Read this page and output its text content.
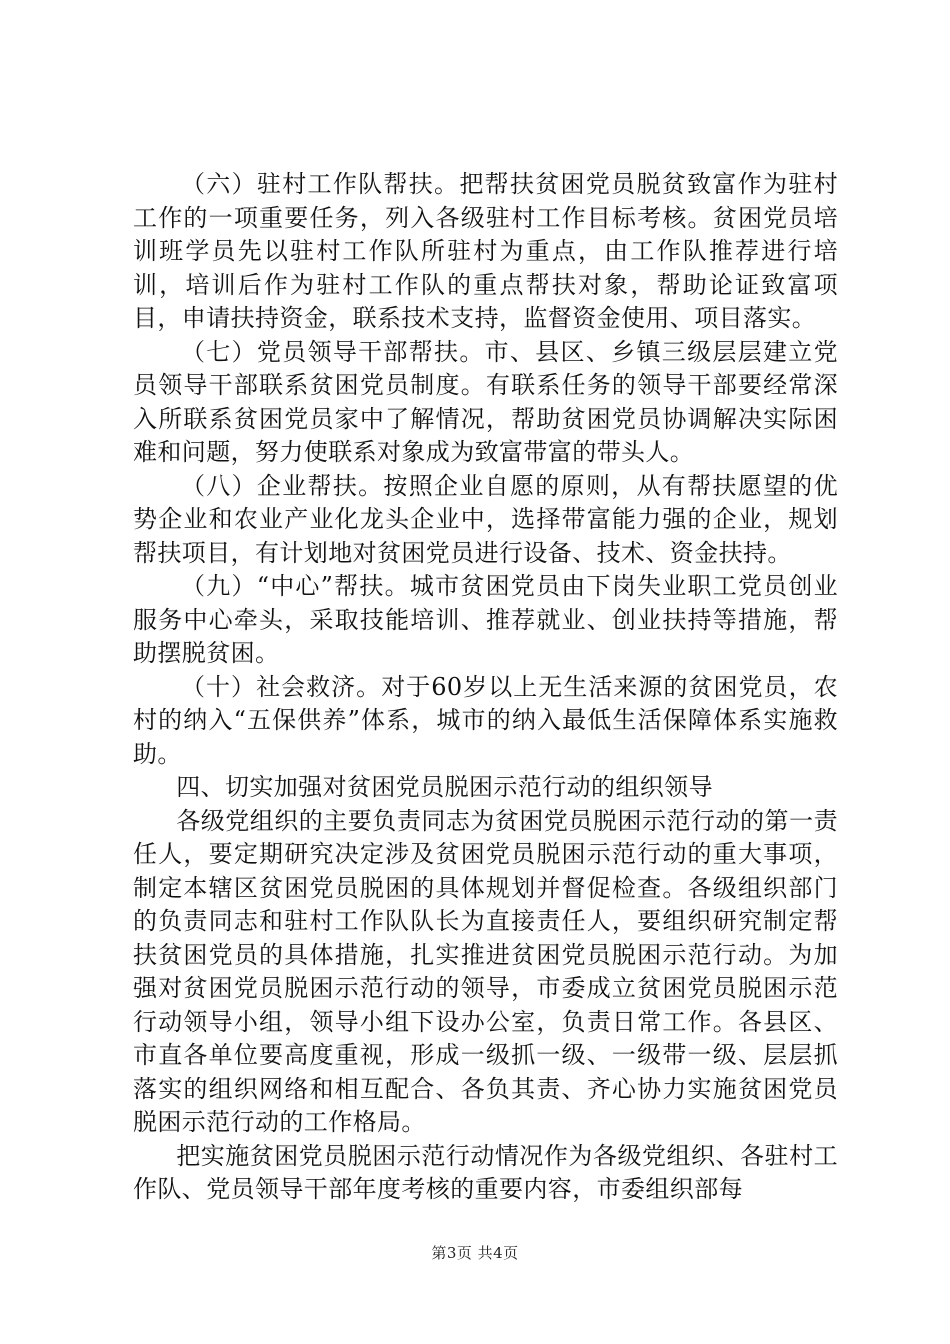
（六）驻村工作队帮扶。把帮扶贫困党员脱贫致富作为驻村工作的一项重要任务，列入各级驻村工作目标考核。贫困党员培训班学员先以驻村工作队所驻村为重点，由工作队推荐进行培训，培训后作为驻村工作队的重点帮扶对象，帮助论证致富项目，申请扶持资金，联系技术支持，监督资金使用、项目落实。

（七）党员领导干部帮扶。市、县区、乡镇三级层层建立党员领导干部联系贫困党员制度。有联系任务的领导干部要经常深入所联系贫困党员家中了解情况，帮助贫困党员协调解决实际困难和问题，努力使联系对象成为致富带富的带头人。

（八）企业帮扶。按照企业自愿的原则，从有帮扶愿望的优势企业和农业产业化龙头企业中，选择带富能力强的企业，规划帮扶项目，有计划地对贫困党员进行设备、技术、资金扶持。

（九）“中心”帮扶。城市贫困党员由下岗失业职工党员创业服务中心牵头，采取技能培训、推荐就业、创业扶持等措施，帮助摆脱贫困。

（十）社会救济。对于60岁以上无生活来源的贫困党员，农村的纳入“五保供养”体系，城市的纳入最低生活保障体系实施救助。

四、切实加强对贫困党员脱困示范行动的组织领导

各级党组织的主要负责同志为贫困党员脱困示范行动的第一责任人，要定期研究决定涉及贫困党员脱困示范行动的重大事项，制定本辖区贫困党员脱困的具体规划并督促检查。各级组织部门的负责同志和驻村工作队队长为直接责任人，要组织研究制定帮扶贫困党员的具体措施，扎实推进贫困党员脱困示范行动。为加强对贫困党员脱困示范行动的领导，市委成立贫困党员脱困示范行动领导小组，领导小组下设办公室，负责日常工作。各县区、市直各单位要高度重视，形成一级抓一级、一级带一级、层层抓落实的组织网络和相互配合、各负其责、齐心协力实施贫困党员脱困示范行动的工作格局。

把实施贫困党员脱困示范行动情况作为各级党组织、各驻村工作队、党员领导干部年度考核的重要内容，市委组织部每

第3页 共4页
